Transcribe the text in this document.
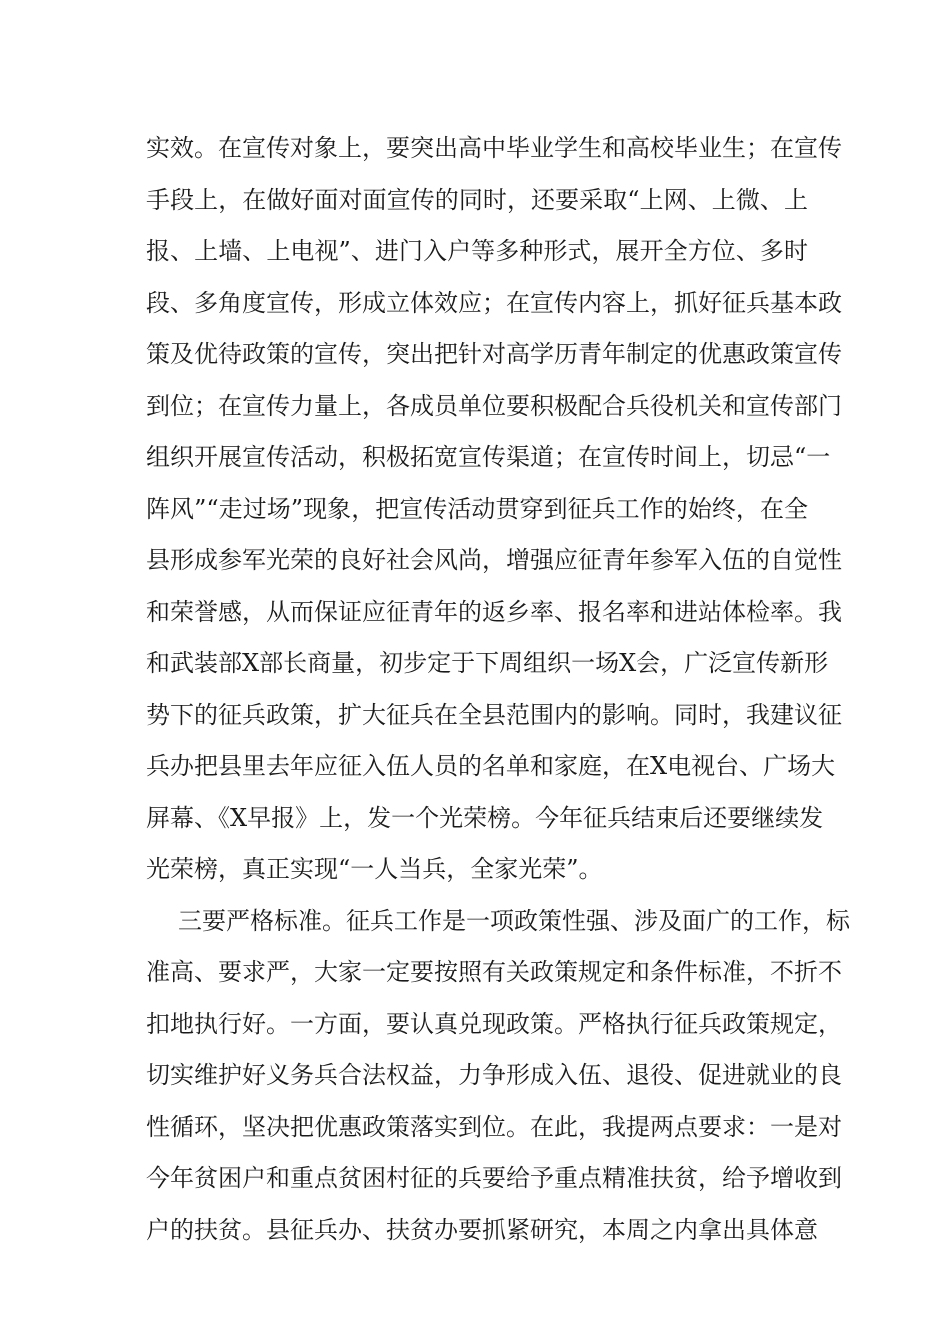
实效。在宣传对象上，要突出高中毕业学生和高校毕业生；在宣传

手段上，在做好面对面宣传的同时，还要采取“上网、上微、上

报、上墙、上电视”、进门入户等多种形式，展开全方位、多时

段、多角度宣传，形成立体效应；在宣传内容上，抓好征兵基本政

策及优待政策的宣传，突出把针对高学历青年制定的优惠政策宣传

到位；在宣传力量上，各成员单位要积极配合兵役机关和宣传部门

组织开展宣传活动，积极拓宽宣传渠道；在宣传时间上，切忌“一

阵风”“走过场”现象，把宣传活动贯穿到征兵工作的始终，在全

县形成参军光荣的良好社会风尚，增强应征青年参军入伍的自觉性

和荣誉感，从而保证应征青年的返乡率、报名率和进站体检率。我

和武装部X部长商量，初步定于下周组织一场X会，广泛宣传新形

势下的征兵政策，扩大征兵在全县范围内的影响。同时，我建议征

兵办把县里去年应征入伍人员的名单和家庭，在X电视台、广场大

屏幕、《X早报》上，发一个光荣榜。今年征兵结束后还要继续发

光荣榜，真正实现“一人当兵，全家光荣”。

三要严格标准。征兵工作是一项政策性强、涉及面广的工作，标

准高、要求严，大家一定要按照有关政策规定和条件标准，不折不

扣地执行好。一方面，要认真兑现政策。严格执行征兵政策规定，

切实维护好义务兵合法权益，力争形成入伍、退役、促进就业的良

性循环，坚决把优惠政策落实到位。在此，我提两点要求：一是对

今年贫困户和重点贫困村征的兵要给予重点精准扶贫，给予增收到

户的扶贫。县征兵办、扶贫办要抓紧研究，本周之内拿出具体意
